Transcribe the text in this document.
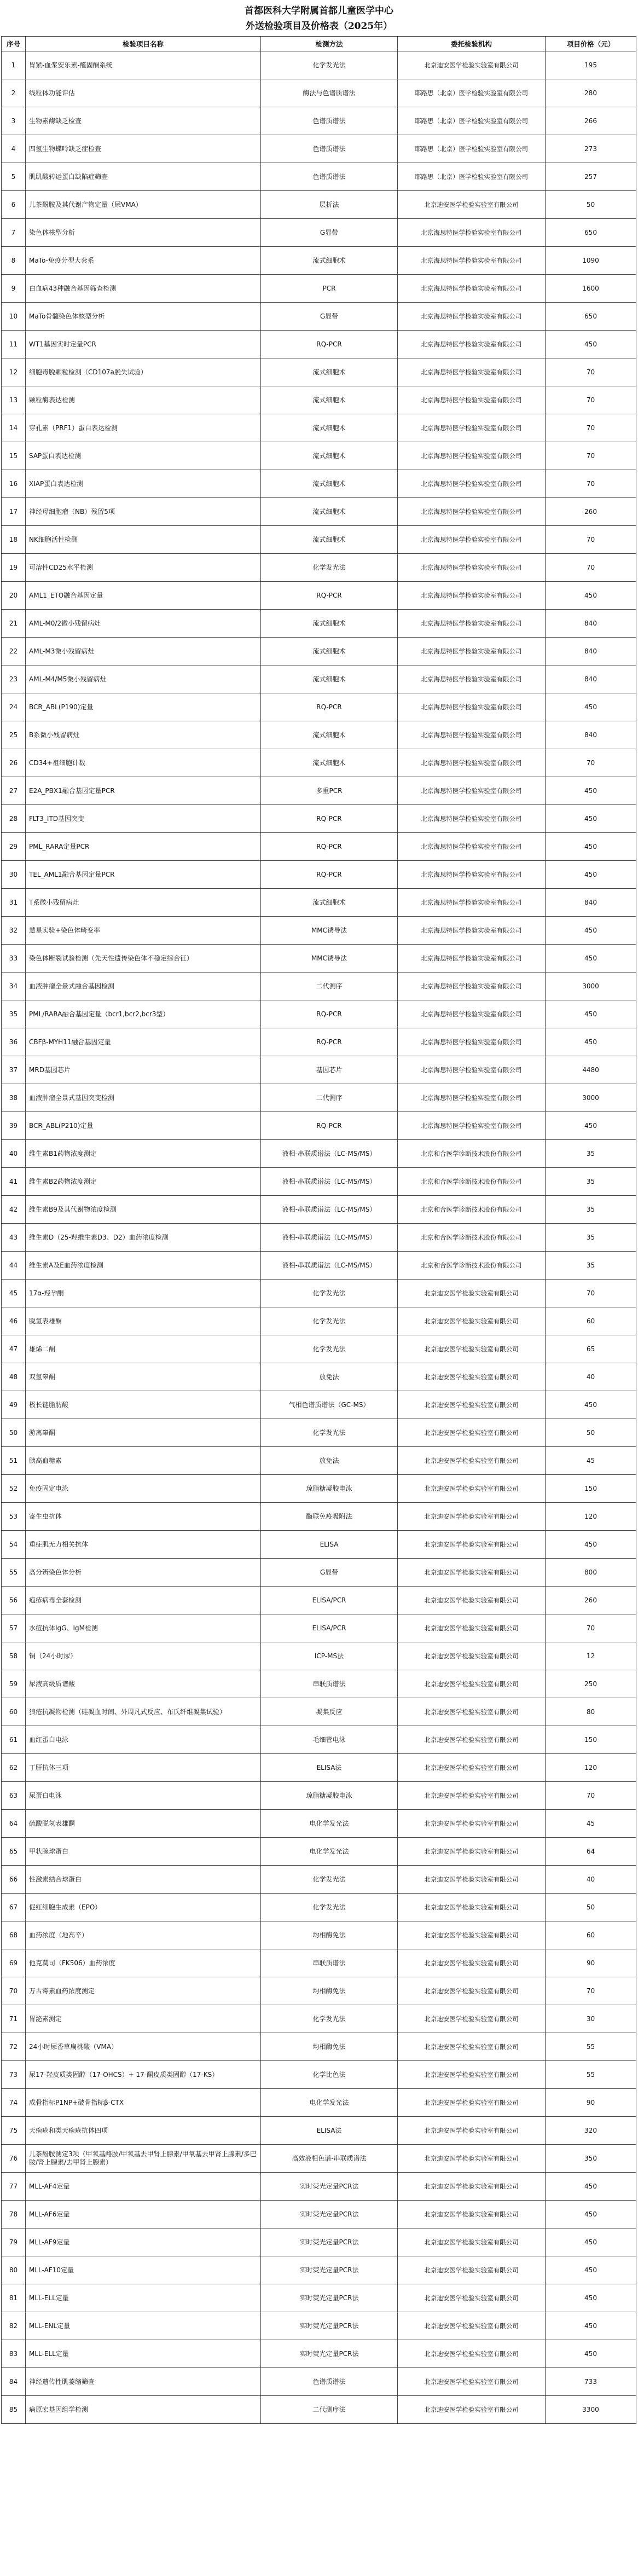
首都医科大学附属首都儿童医学中心
外送检验项目及价格表（2025年）
序号	检验项目名称	检测方法	委托检验机构	项目价格（元）
1	胃紧-血浆安乐素-醛固酮系统	化学发光法	北京迪安医学检验实验室有限公司	195
2	线粒体功能评估	酶法与色谱质谱法	耶路思（北京）医学检验实验室有限公司	280
3	生物素酶缺乏检查	色谱质谱法	耶路思（北京）医学检验实验室有限公司	266
4	四氢生物蝶呤缺乏症检查	色谱质谱法	耶路思（北京）医学检验实验室有限公司	273
5	肌肌酸转运蛋白缺陷症筛查	色谱质谱法	耶路思（北京）医学检验实验室有限公司	257
6	儿茶酚胺及其代谢产物定量（尿VMA）	层析法	北京迪安医学检验实验室有限公司	50
7	染色体核型分析	G显带	北京海思特医学检验实验室有限公司	650
8	MaTo-免疫分型大套系	流式细胞术	北京海思特医学检验实验室有限公司	1090
9	白血病43种融合基因筛查检测	PCR	北京海思特医学检验实验室有限公司	1600
10	MaTo骨髓染色体核型分析	G显带	北京海思特医学检验实验室有限公司	650
11	WT1基因实时定量PCR	RQ-PCR	北京海思特医学检验实验室有限公司	450
12	细胞毒脱颗粒检测（CD107a脱失试验）	流式细胞术	北京海思特医学检验实验室有限公司	70
13	颗粒酶表达检测	流式细胞术	北京海思特医学检验实验室有限公司	70
14	穿孔素（PRF1）蛋白表达检测	流式细胞术	北京海思特医学检验实验室有限公司	70
15	SAP蛋白表达检测	流式细胞术	北京海思特医学检验实验室有限公司	70
16	XIAP蛋白表达检测	流式细胞术	北京海思特医学检验实验室有限公司	70
17	神经母细胞瘤（NB）残留5项	流式细胞术	北京海思特医学检验实验室有限公司	260
18	NK细胞活性检测	流式细胞术	北京海思特医学检验实验室有限公司	70
19	可溶性CD25水平检测	化学发光法	北京海思特医学检验实验室有限公司	70
20	AML1_ETO融合基因定量	RQ-PCR	北京海思特医学检验实验室有限公司	450
21	AML-M0/2微小残留病灶	流式细胞术	北京海思特医学检验实验室有限公司	840
22	AML-M3微小残留病灶	流式细胞术	北京海思特医学检验实验室有限公司	840
23	AML-M4/M5微小残留病灶	流式细胞术	北京海思特医学检验实验室有限公司	840
24	BCR_ABL(P190)定量	RQ-PCR	北京海思特医学检验实验室有限公司	450
25	B系微小残留病灶	流式细胞术	北京海思特医学检验实验室有限公司	840
26	CD34+祖细胞计数	流式细胞术	北京海思特医学检验实验室有限公司	70
27	E2A_PBX1融合基因定量PCR	多重PCR	北京海思特医学检验实验室有限公司	450
28	FLT3_ITD基因突变	RQ-PCR	北京海思特医学检验实验室有限公司	450
29	PML_RARA定量PCR	RQ-PCR	北京海思特医学检验实验室有限公司	450
30	TEL_AML1融合基因定量PCR	RQ-PCR	北京海思特医学检验实验室有限公司	450
31	T系微小残留病灶	流式细胞术	北京海思特医学检验实验室有限公司	840
32	慧星实验+染色体畸变率	MMC诱导法	北京海思特医学检验实验室有限公司	450
33	染色体断裂试验检测（先天性遗传染色体不稳定综合征）	MMC诱导法	北京海思特医学检验实验室有限公司	450
34	血液肿瘤全景式融合基因检测	二代测序	北京海思特医学检验实验室有限公司	3000
35	PML/RARA融合基因定量（bcr1,bcr2,bcr3型）	RQ-PCR	北京海思特医学检验实验室有限公司	450
36	CBFβ-MYH11融合基因定量	RQ-PCR	北京海思特医学检验实验室有限公司	450
37	MRD基因芯片	基因芯片	北京海思特医学检验实验室有限公司	4480
38	血液肿瘤全景式基因突变检测	二代测序	北京海思特医学检验实验室有限公司	3000
39	BCR_ABL(P210)定量	RQ-PCR	北京海思特医学检验实验室有限公司	450
40	维生素B1药物浓度测定	液相-串联质谱法（LC-MS/MS）	北京和合医学诊断技术股份有限公司	35
41	维生素B2药物浓度测定	液相-串联质谱法（LC-MS/MS）	北京和合医学诊断技术股份有限公司	35
42	维生素B9及其代谢物浓度检测	液相-串联质谱法（LC-MS/MS）	北京和合医学诊断技术股份有限公司	35
43	维生素D（25-羟维生素D3、D2）血药浓度检测	液相-串联质谱法（LC-MS/MS）	北京和合医学诊断技术股份有限公司	35
44	维生素A及E血药浓度检测	液相-串联质谱法（LC-MS/MS）	北京和合医学诊断技术股份有限公司	35
45	17α-羟孕酮	化学发光法	北京迪安医学检验实验室有限公司	70
46	脱氢表雄酮	化学发光法	北京迪安医学检验实验室有限公司	60
47	雄烯二酮	化学发光法	北京迪安医学检验实验室有限公司	65
48	双氢睾酮	放免法	北京迪安医学检验实验室有限公司	40
49	极长链脂肪酸	气相色谱质谱法（GC-MS）	北京迪安医学检验实验室有限公司	450
50	游离睾酮	化学发光法	北京迪安医学检验实验室有限公司	50
51	胰高血糖素	放免法	北京迪安医学检验实验室有限公司	45
52	免疫固定电泳	琼脂糖凝胶电泳	北京迪安医学检验实验室有限公司	150
53	寄生虫抗体	酶联免疫吸附法	北京迪安医学检验实验室有限公司	120
54	重症肌无力相关抗体	ELISA	北京迪安医学检验实验室有限公司	450
55	高分辨染色体分析	G显带	北京迪安医学检验实验室有限公司	800
56	疱疹病毒全套检测	ELISA/PCR	北京迪安医学检验实验室有限公司	260
57	水痘抗体IgG、IgM检测	ELISA/PCR	北京迪安医学检验实验室有限公司	70
58	铜（24小时尿）	ICP-MS法	北京迪安医学检验实验室有限公司	12
59	尿液高级质谱酸	串联质谱法	北京迪安医学检验实验室有限公司	250
60	狼疮抗凝物检测（硅凝血时间、外周凡式反应、布氏纤维凝集试验）	凝集反应	北京迪安医学检验实验室有限公司	80
61	血红蛋白电泳	毛细管电泳	北京迪安医学检验实验室有限公司	150
62	丁肝抗体三项	ELISA法	北京迪安医学检验实验室有限公司	120
63	尿蛋白电泳	琼脂糖凝胶电泳	北京迪安医学检验实验室有限公司	70
64	硫酸脱氢表雄酮	电化学发光法	北京迪安医学检验实验室有限公司	45
65	甲状腺球蛋白	电化学发光法	北京迪安医学检验实验室有限公司	64
66	性激素结合球蛋白	化学发光法	北京迪安医学检验实验室有限公司	40
67	促红细胞生成素（EPO）	化学发光法	北京迪安医学检验实验室有限公司	50
68	血药浓度（地高辛）	均相酶免法	北京迪安医学检验实验室有限公司	60
69	他克莫司（FK506）血药浓度	串联质谱法	北京迪安医学检验实验室有限公司	90
70	万古霉素血药浓度测定	均相酶免法	北京迪安医学检验实验室有限公司	70
71	胃泌素测定	化学发光法	北京迪安医学检验实验室有限公司	30
72	24小时尿香草扁桃酸（VMA）	均相酶免法	北京迪安医学检验实验室有限公司	55
73	尿17-羟皮质类固醇（17-OHCS）+ 17-酮皮质类固醇（17-KS）	化学比色法	北京迪安医学检验实验室有限公司	55
74	成骨指标P1NP+破骨指标β-CTX	电化学发光法	北京迪安医学检验实验室有限公司	90
75	天疱疮和类天疱疮抗体四项	ELISA法	北京迪安医学检验实验室有限公司	320
76	儿茶酚胺测定3项（甲氧基酪胺/甲氧基去甲肾上腺素/甲氧基去甲肾上腺素/多巴胺/肾上腺素/去甲肾上腺素）	高效液相色谱-串联质谱法	北京迪安医学检验实验室有限公司	350
77	MLL-AF4定量	实时荧光定量PCR法	北京迪安医学检验实验室有限公司	450
78	MLL-AF6定量	实时荧光定量PCR法	北京迪安医学检验实验室有限公司	450
79	MLL-AF9定量	实时荧光定量PCR法	北京迪安医学检验实验室有限公司	450
80	MLL-AF10定量	实时荧光定量PCR法	北京迪安医学检验实验室有限公司	450
81	MLL-ELL定量	实时荧光定量PCR法	北京迪安医学检验实验室有限公司	450
82	MLL-ENL定量	实时荧光定量PCR法	北京迪安医学检验实验室有限公司	450
83	MLL-ELL定量	实时荧光定量PCR法	北京迪安医学检验实验室有限公司	450
84	神经遗传性肌萎缩筛查	色谱质谱法	北京迪安医学检验实验室有限公司	733
85	病原宏基因组学检测	二代测序法	北京迪安医学检验实验室有限公司	3300
